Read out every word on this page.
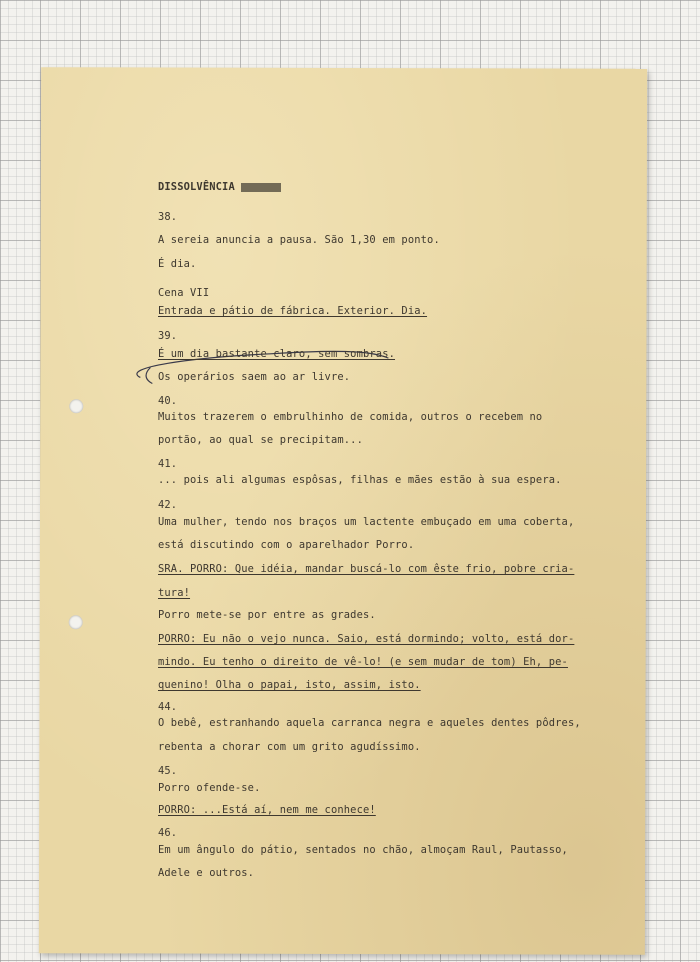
DISSOLVÊNCIA
38.
A sereia anuncia a pausa. São 1,30 em ponto.
É dia.
Cena VII
Entrada e pátio de fábrica. Exterior. Dia.
39.
É um dia bastante claro, sem sombras.
Os operários saem ao ar livre.
40.
Muitos trazerem o embrulhinho de comida, outros o recebem no
portão, ao qual se precipitam...
41.
... pois ali algumas espôsas, filhas e mães estão à sua espera.
42.
Uma mulher, tendo nos braços um lactente embuçado em uma coberta,
está discutindo com o aparelhador Porro.
SRA. PORRO: Que idéia, mandar buscá-lo com êste frio, pobre cria-
tura!
Porro mete-se por entre as grades.
PORRO: Eu não o vejo nunca. Saio, está dormindo; volto, está dor-
mindo. Eu tenho o direito de vê-lo! (e sem mudar de tom) Eh, pe-
quenino! Olha o papai, isto, assim, isto.
44.
O bebê, estranhando aquela carranca negra e aqueles dentes pôdres,
rebenta a chorar com um grito agudíssimo.
45.
Porro ofende-se.
PORRO: ...Está aí, nem me conhece!
46.
Em um ângulo do pátio, sentados no chão, almoçam Raul, Pautasso,
Adele e outros.
